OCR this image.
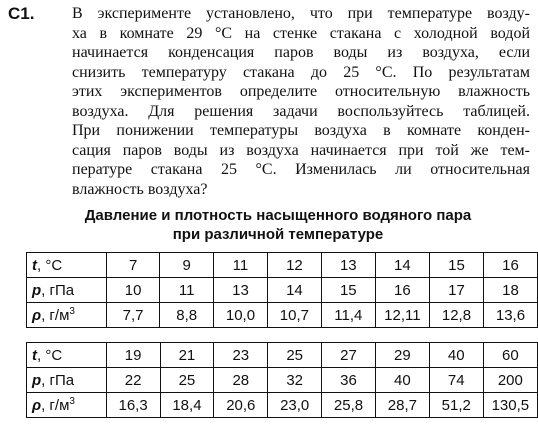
C1. В эксперименте установлено, что при температуре возду-
ха в комнате 29 °С на стенке стакана с холодной водой
начинается конденсация паров воды из воздуха, если
снизить температуру стакана до 25 °С. По результатам
этих экспериментов определите относительную влажность
воздуха. Для решения задачи воспользуйтесь таблицей.
При понижении температуры воздуха в комнате конден-
сация паров воды из воздуха начинается при той же тем-
пературе стакана 25 °С. Изменилась ли относительная
влажность воздуха?
Давление и плотность насыщенного водяного пара
при различной температуре
t, °С	7	9	11	12	13	14	15	16
p, гПа	10	11	13	14	15	16	17	18
ρ, $г/м^3$	7,7	8,8	10,0	10,7	11,4	12,11	12,8	13,6
t, °С	19	21	23	25	27	29	40	60
p, гПа	22	25	28	32	36	40	74	200
ρ, $г/м^3$	16,3	18,4	20,6	23,0	25,8	28,7	51,2	130,5
